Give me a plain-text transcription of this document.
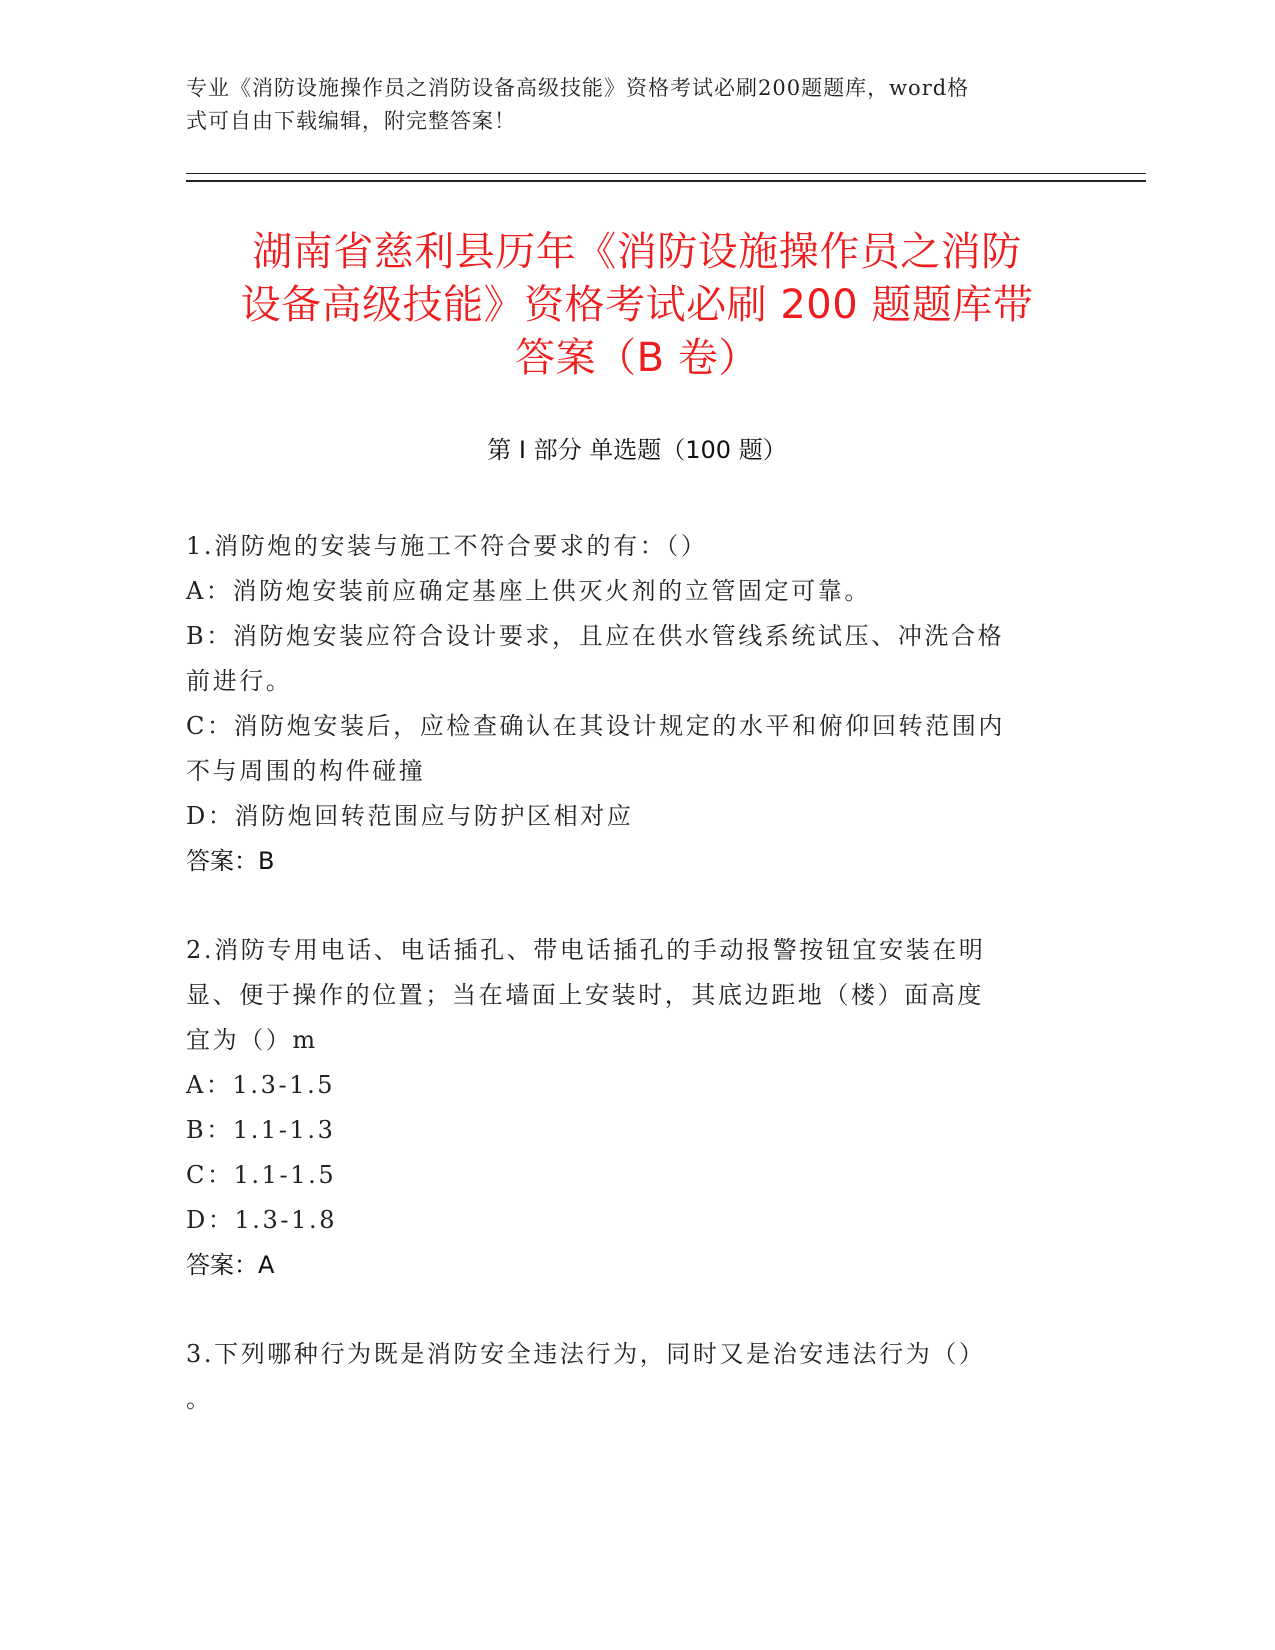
专业《消防设施操作员之消防设备高级技能》资格考试必刷200题题库，word格
式可自由下载编辑，附完整答案！
湖南省慈利县历年《消防设施操作员之消防
设备高级技能》资格考试必刷 200 题题库带
答案（B 卷）
第 I 部分 单选题（100 题）
1.消防炮的安装与施工不符合要求的有：（）
A：消防炮安装前应确定基座上供灭火剂的立管固定可靠。
B：消防炮安装应符合设计要求，且应在供水管线系统试压、冲洗合格
前进行。
C：消防炮安装后，应检查确认在其设计规定的水平和俯仰回转范围内
不与周围的构件碰撞
D：消防炮回转范围应与防护区相对应
答案：B
2.消防专用电话、电话插孔、带电话插孔的手动报警按钮宜安装在明
显、便于操作的位置；当在墙面上安装时，其底边距地（楼）面高度
宜为（）m
A：1.3-1.5
B：1.1-1.3
C：1.1-1.5
D：1.3-1.8
答案：A
3.下列哪种行为既是消防安全违法行为，同时又是治安违法行为（）
。
